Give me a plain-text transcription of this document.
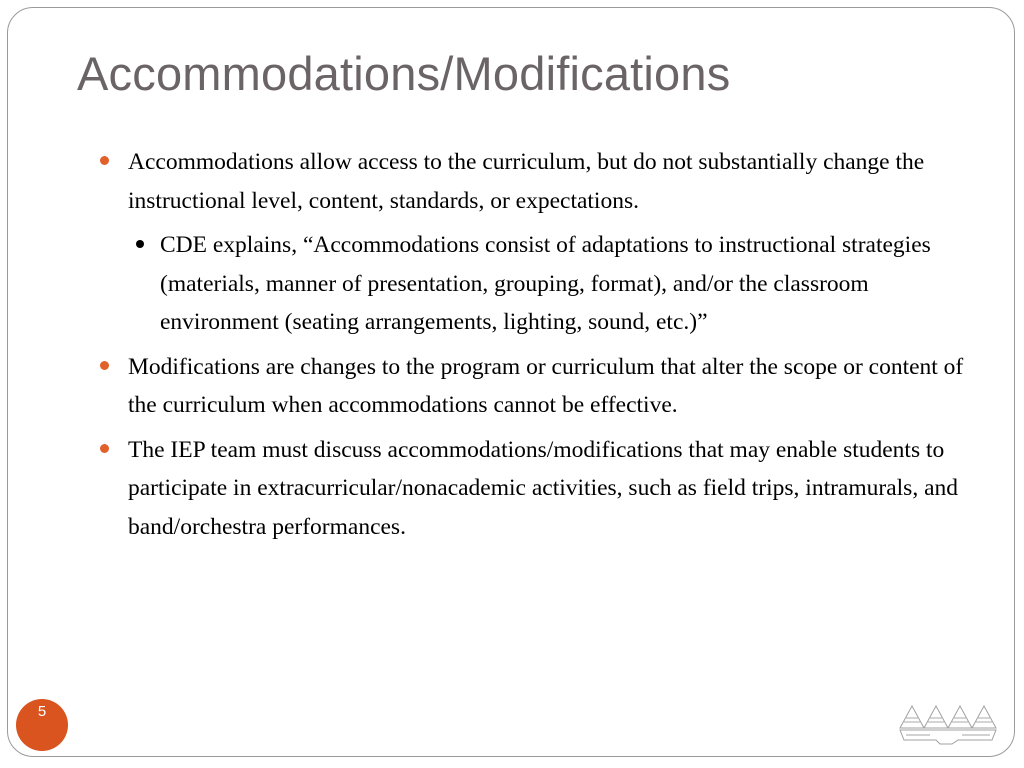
Accommodations/Modifications
Accommodations allow access to the curriculum, but do not substantially change the instructional level, content, standards, or expectations.
CDE explains, “Accommodations consist of adaptations to instructional strategies (materials, manner of presentation, grouping, format), and/or the classroom environment (seating arrangements, lighting, sound, etc.)”
Modifications are changes to the program or curriculum that alter the scope or content of the curriculum when accommodations cannot be effective.
The IEP team must discuss accommodations/modifications that may enable students to participate in extracurricular/nonacademic activities, such as field trips, intramurals, and band/orchestra performances.
5
